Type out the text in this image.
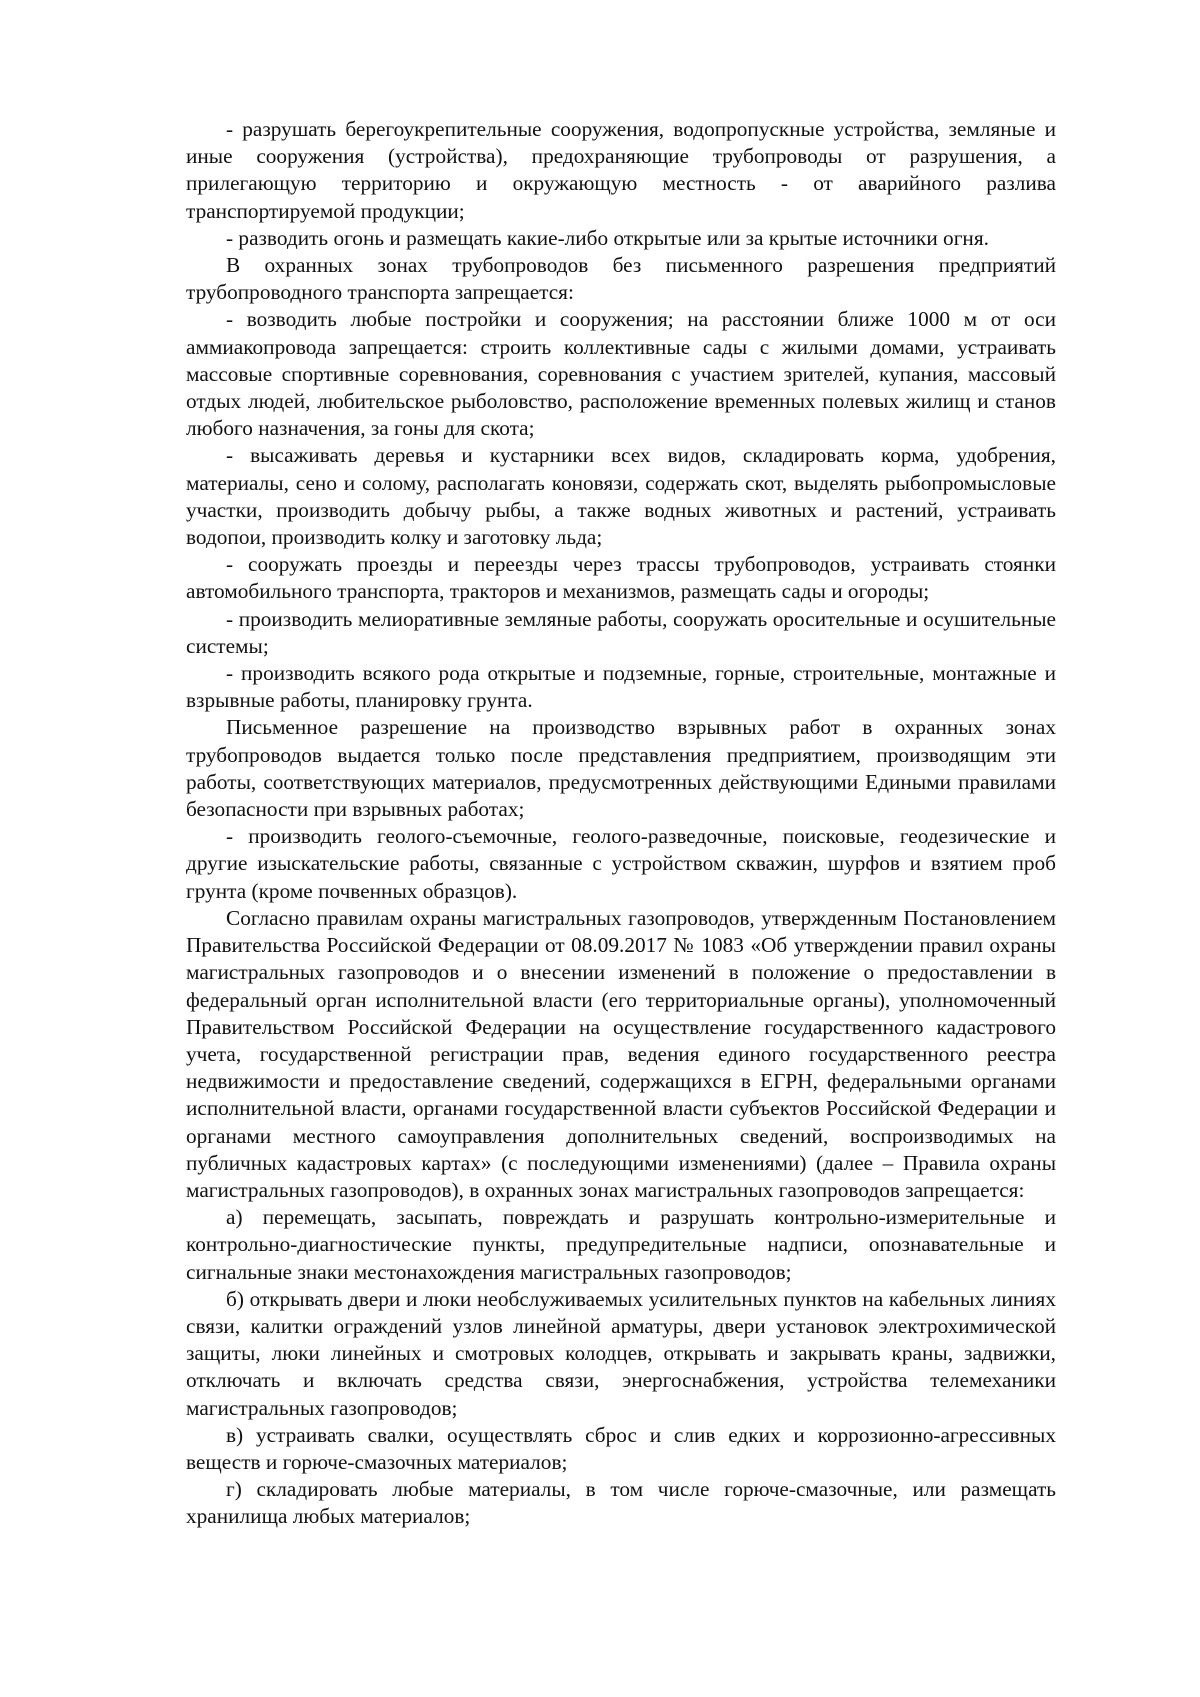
- разрушать берегоукрепительные сооружения, водопропускные устройства, земляные и иные сооружения (устройства), предохраняющие трубопроводы от разрушения, а прилегающую территорию и окружающую местность - от аварийного разлива транспортируемой продукции;

- разводить огонь и размещать какие-либо открытые или за крытые источники огня.

В охранных зонах трубопроводов без письменного разрешения предприятий трубопроводного транспорта запрещается:

- возводить любые постройки и сооружения; на расстоянии ближе 1000 м от оси аммиакопровода запрещается: строить коллективные сады с жилыми домами, устраивать массовые спортивные соревнования, соревнования с участием зрителей, купания, массовый отдых людей, любительское рыболовство, расположение временных полевых жилищ и станов любого назначения, за гоны для скота;

- высаживать деревья и кустарники всех видов, складировать корма, удобрения, материалы, сено и солому, располагать коновязи, содержать скот, выделять рыбопромысловые участки, производить добычу рыбы, а также водных животных и растений, устраивать водопои, производить колку и заготовку льда;

- сооружать проезды и переезды через трассы трубопроводов, устраивать стоянки автомобильного транспорта, тракторов и механизмов, размещать сады и огороды;

- производить мелиоративные земляные работы, сооружать оросительные и осушительные системы;

- производить всякого рода открытые и подземные, горные, строительные, монтажные и взрывные работы, планировку грунта.

Письменное разрешение на производство взрывных работ в охранных зонах трубопроводов выдается только после представления предприятием, производящим эти работы, соответствующих материалов, предусмотренных действующими Едиными правилами безопасности при взрывных работах;

- производить геолого-съемочные, геолого-разведочные, поисковые, геодезические и другие изыскательские работы, связанные с устройством скважин, шурфов и взятием проб грунта (кроме почвенных образцов).

Согласно правилам охраны магистральных газопроводов, утвержденным Постановлением Правительства Российской Федерации от 08.09.2017 № 1083 «Об утверждении правил охраны магистральных газопроводов и о внесении изменений в положение о предоставлении в федеральный орган исполнительной власти (его территориальные органы), уполномоченный Правительством Российской Федерации на осуществление государственного кадастрового учета, государственной регистрации прав, ведения единого государственного реестра недвижимости и предоставление сведений, содержащихся в ЕГРН, федеральными органами исполнительной власти, органами государственной власти субъектов Российской Федерации и органами местного самоуправления дополнительных сведений, воспроизводимых на публичных кадастровых картах» (с последующими изменениями) (далее – Правила охраны магистральных газопроводов), в охранных зонах магистральных газопроводов запрещается:

а) перемещать, засыпать, повреждать и разрушать контрольно-измерительные и контрольно-диагностические пункты, предупредительные надписи, опознавательные и сигнальные знаки местонахождения магистральных газопроводов;

б) открывать двери и люки необслуживаемых усилительных пунктов на кабельных линиях связи, калитки ограждений узлов линейной арматуры, двери установок электрохимической защиты, люки линейных и смотровых колодцев, открывать и закрывать краны, задвижки, отключать и включать средства связи, энергоснабжения, устройства телемеханики магистральных газопроводов;

в) устраивать свалки, осуществлять сброс и слив едких и коррозионно-агрессивных веществ и горюче-смазочных материалов;

г) складировать любые материалы, в том числе горюче-смазочные, или размещать хранилища любых материалов;
